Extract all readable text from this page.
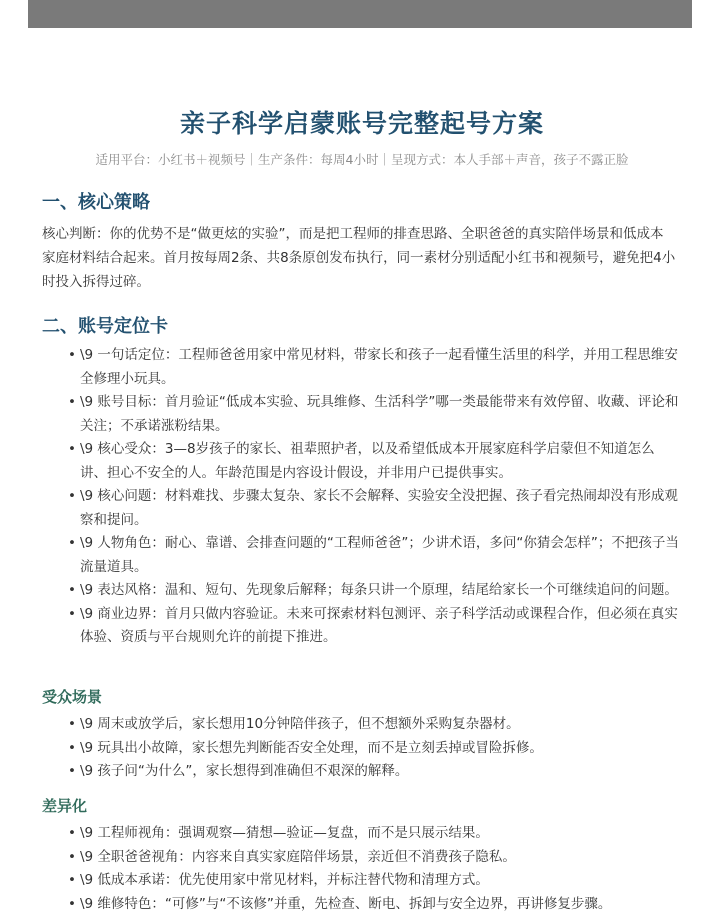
亲子科学启蒙账号完整起号方案
适用平台：小红书＋视频号｜生产条件：每周4小时｜呈现方式：本人手部＋声音，孩子不露正脸
一、核心策略
核心判断：你的优势不是“做更炫的实验”，而是把工程师的排查思路、全职爸爸的真实陪伴场景和低成本家庭材料结合起来。首月按每周2条、共8条原创发布执行，同一素材分别适配小红书和视频号，避免把4小时投入拆得过碎。
二、账号定位卡
• \9 一句话定位：工程师爸爸用家中常见材料，带家长和孩子一起看懂生活里的科学，并用工程思维安全修理小玩具。
• \9 账号目标：首月验证“低成本实验、玩具维修、生活科学”哪一类最能带来有效停留、收藏、评论和关注；不承诺涨粉结果。
• \9 核心受众：3—8岁孩子的家长、祖辈照护者，以及希望低成本开展家庭科学启蒙但不知道怎么讲、担心不安全的人。年龄范围是内容设计假设，并非用户已提供事实。
• \9 核心问题：材料难找、步骤太复杂、家长不会解释、实验安全没把握、孩子看完热闹却没有形成观察和提问。
• \9 人物角色：耐心、靠谱、会排查问题的“工程师爸爸”；少讲术语，多问“你猜会怎样”；不把孩子当流量道具。
• \9 表达风格：温和、短句、先现象后解释；每条只讲一个原理，结尾给家长一个可继续追问的问题。
• \9 商业边界：首月只做内容验证。未来可探索材料包测评、亲子科学活动或课程合作，但必须在真实体验、资质与平台规则允许的前提下推进。
受众场景
• \9 周末或放学后，家长想用10分钟陪伴孩子，但不想额外采购复杂器材。
• \9 玩具出小故障，家长想先判断能否安全处理，而不是立刻丢掉或冒险拆修。
• \9 孩子问“为什么”，家长想得到准确但不艰深的解释。
差异化
• \9 工程师视角：强调观察—猜想—验证—复盘，而不是只展示结果。
• \9 全职爸爸视角：内容来自真实家庭陪伴场景，亲近但不消费孩子隐私。
• \9 低成本承诺：优先使用家中常见材料，并标注替代物和清理方式。
• \9 维修特色：“可修”与“不该修”并重，先检查、断电、拆卸与安全边界，再讲修复步骤。
